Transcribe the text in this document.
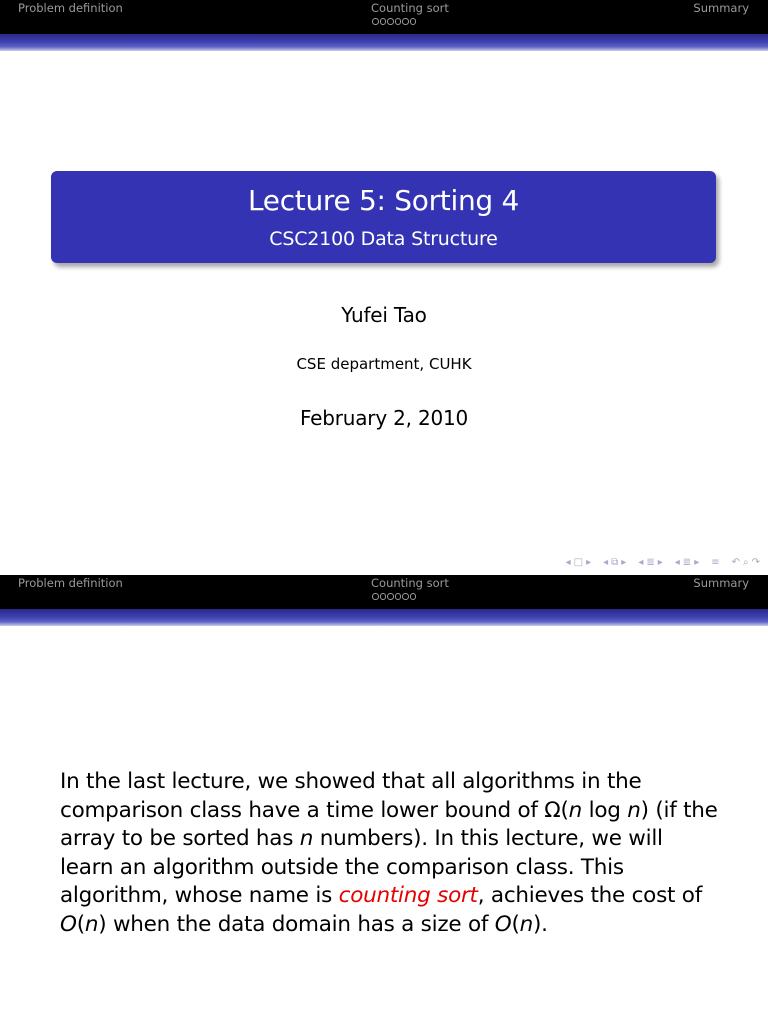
Problem definition	Counting sort	Summary
Lecture 5: Sorting 4
CSC2100 Data Structure
Yufei Tao
CSE department, CUHK
February 2, 2010
◂ □ ▸ ◂ ⧉ ▸ ◂ ≣ ▸ ◂ ≣ ▸ ≡ ↶ ⌕ ↷
Problem definition	Counting sort	Summary
In the last lecture, we showed that all algorithms in the comparison class have a time lower bound of Ω(n log n) (if the array to be sorted has n numbers). In this lecture, we will learn an algorithm outside the comparison class. This algorithm, whose name is counting sort, achieves the cost of O(n) when the data domain has a size of O(n).
